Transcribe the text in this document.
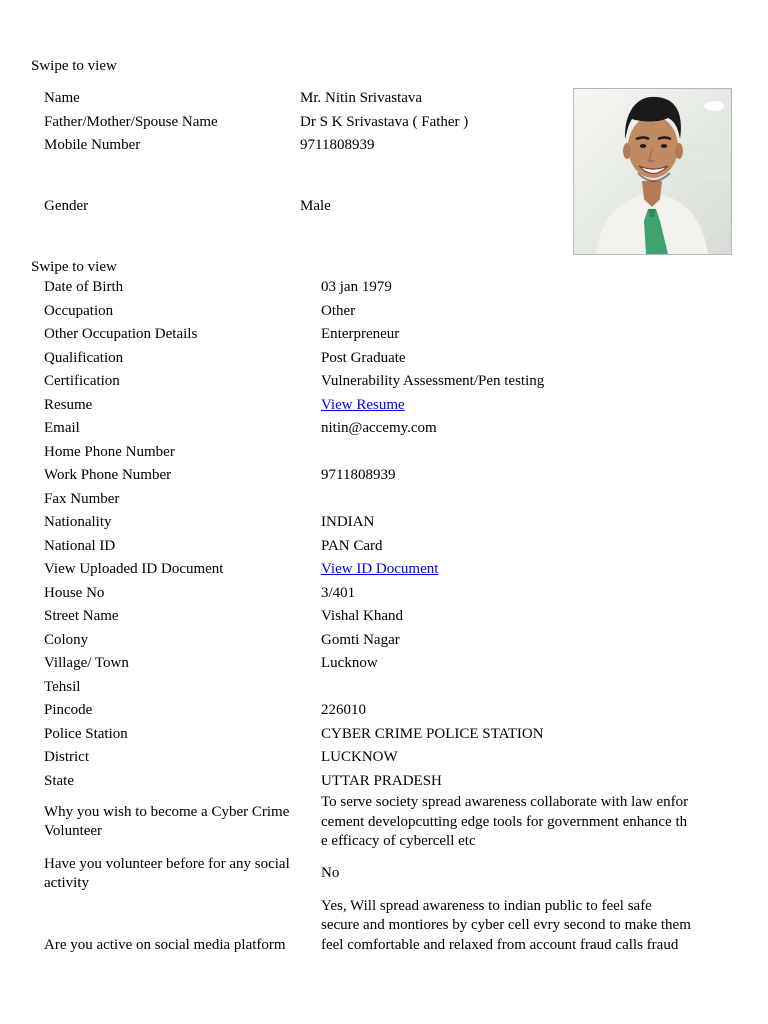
Swipe to view
Name	Mr. Nitin Srivastava
Father/Mother/Spouse Name	Dr S K Srivastava ( Father )
Mobile Number	9711808939

Gender	Male
Swipe to view
Date of Birth	03 jan 1979
Occupation	Other
Other Occupation Details	Enterpreneur
Qualification	Post Graduate
Certification	Vulnerability Assessment/Pen testing
Resume	View Resume
Email	nitin@accemy.com
Home Phone Number	
Work Phone Number	9711808939
Fax Number	
Nationality	INDIAN
National ID	PAN Card
View Uploaded ID Document	View ID Document
House No	3/401
Street Name	Vishal Khand
Colony	Gomti Nagar
Village/ Town	Lucknow
Tehsil	
Pincode	226010
Police Station	CYBER CRIME POLICE STATION
District	LUCKNOW
State	UTTAR PRADESH
Why you wish to become a Cyber Crime
Volunteer	To serve society spread awareness collaborate with law enfor
cement developcutting edge tools for government enhance th
e efficacy of cybercell etc
Have you volunteer before for any social
activity	No
Are you active on social media platform	Yes, Will spread awareness to indian public to feel safe
secure and montiores by cyber cell evry second to make them
feel comfortable and relaxed from account fraud calls fraud
